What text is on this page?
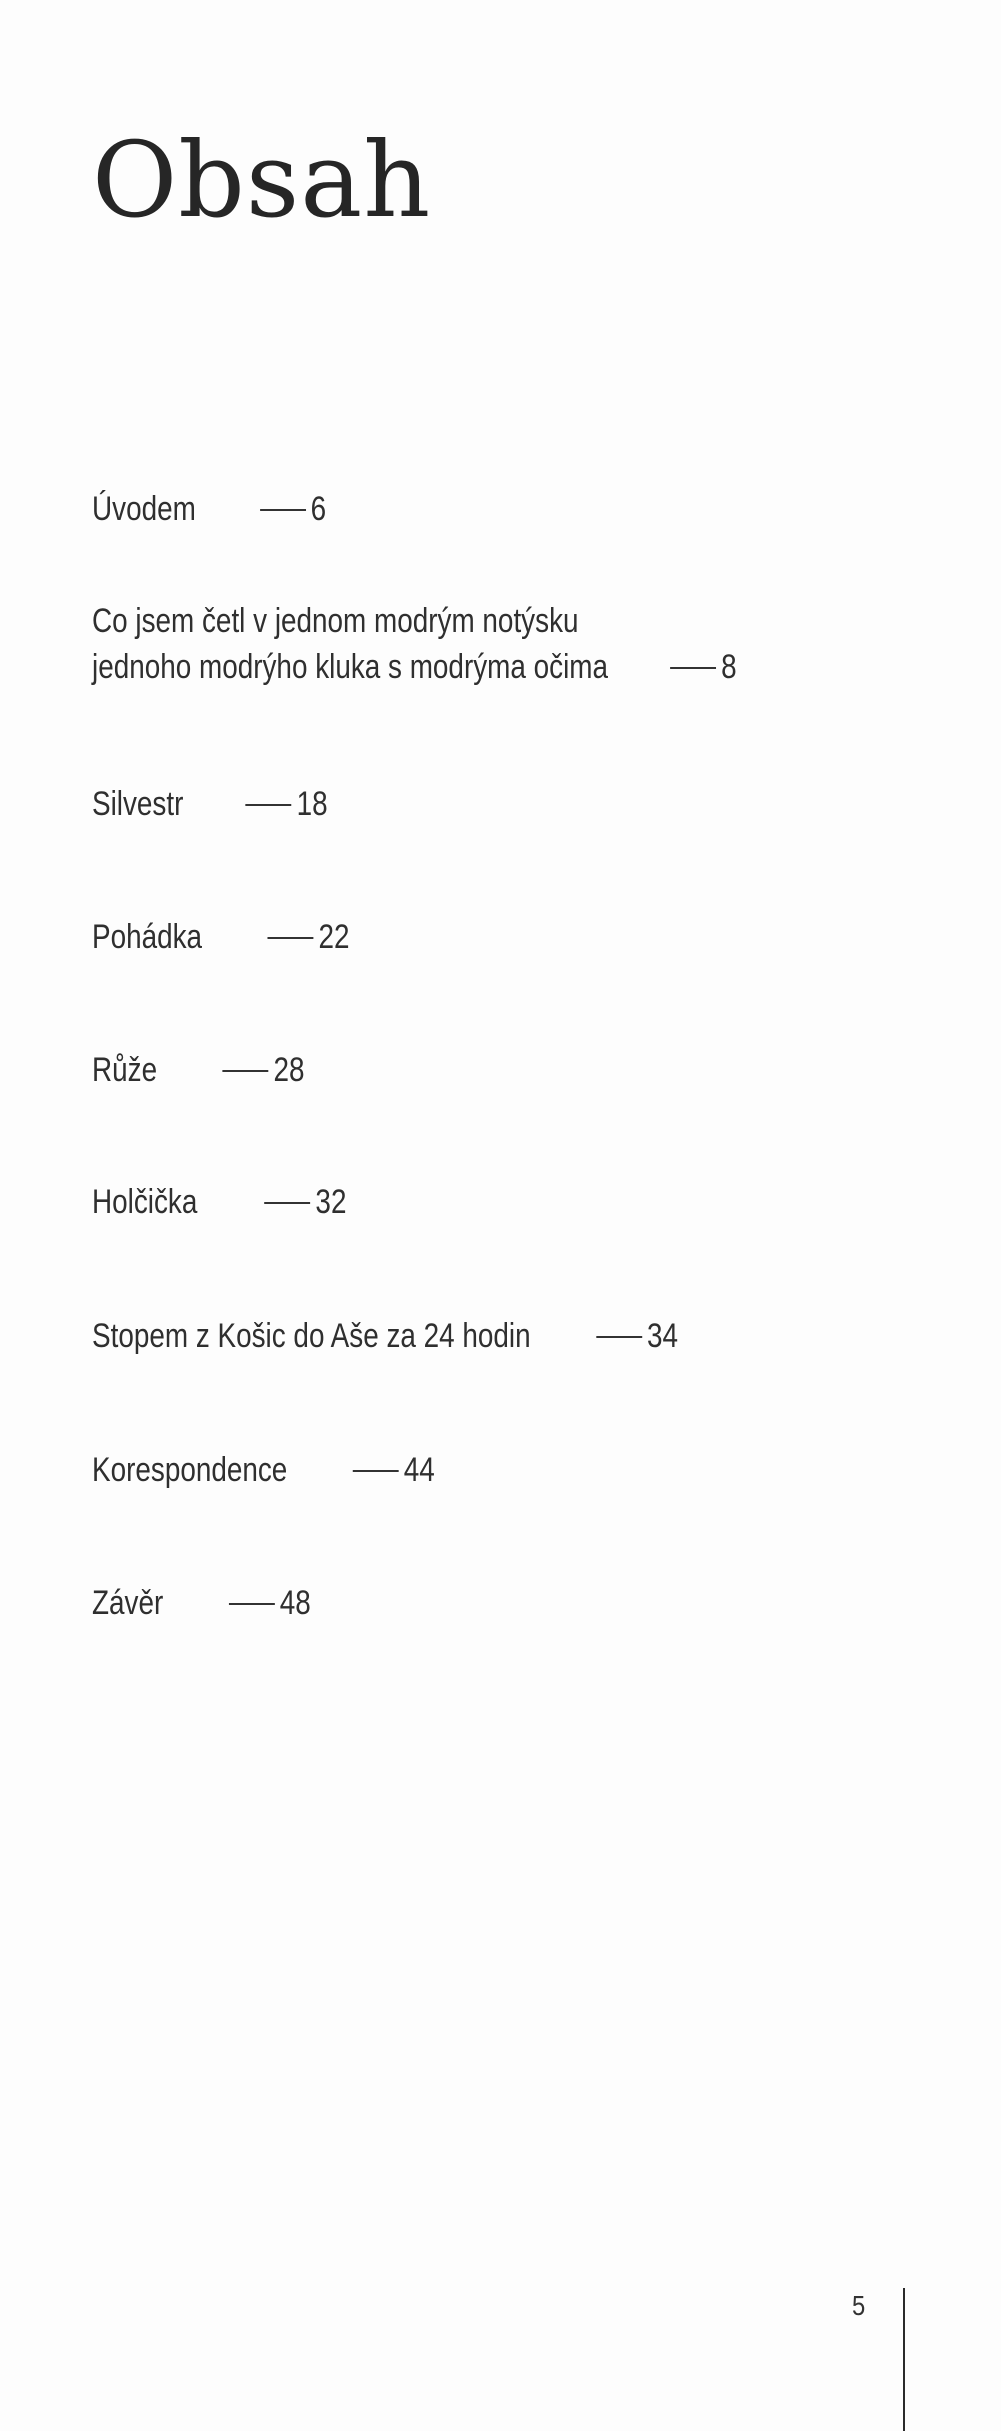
Obsah

Úvodem	6

Co jsem četl v jednom modrým notýsku

jednoho modrýho kluka s modrýma očima	8

Silvestr	18

Pohádka	22

Růže	28

Holčička	32

Stopem z Košic do Aše za 24 hodin	34

Korespondence	44

Závěr	48

5
